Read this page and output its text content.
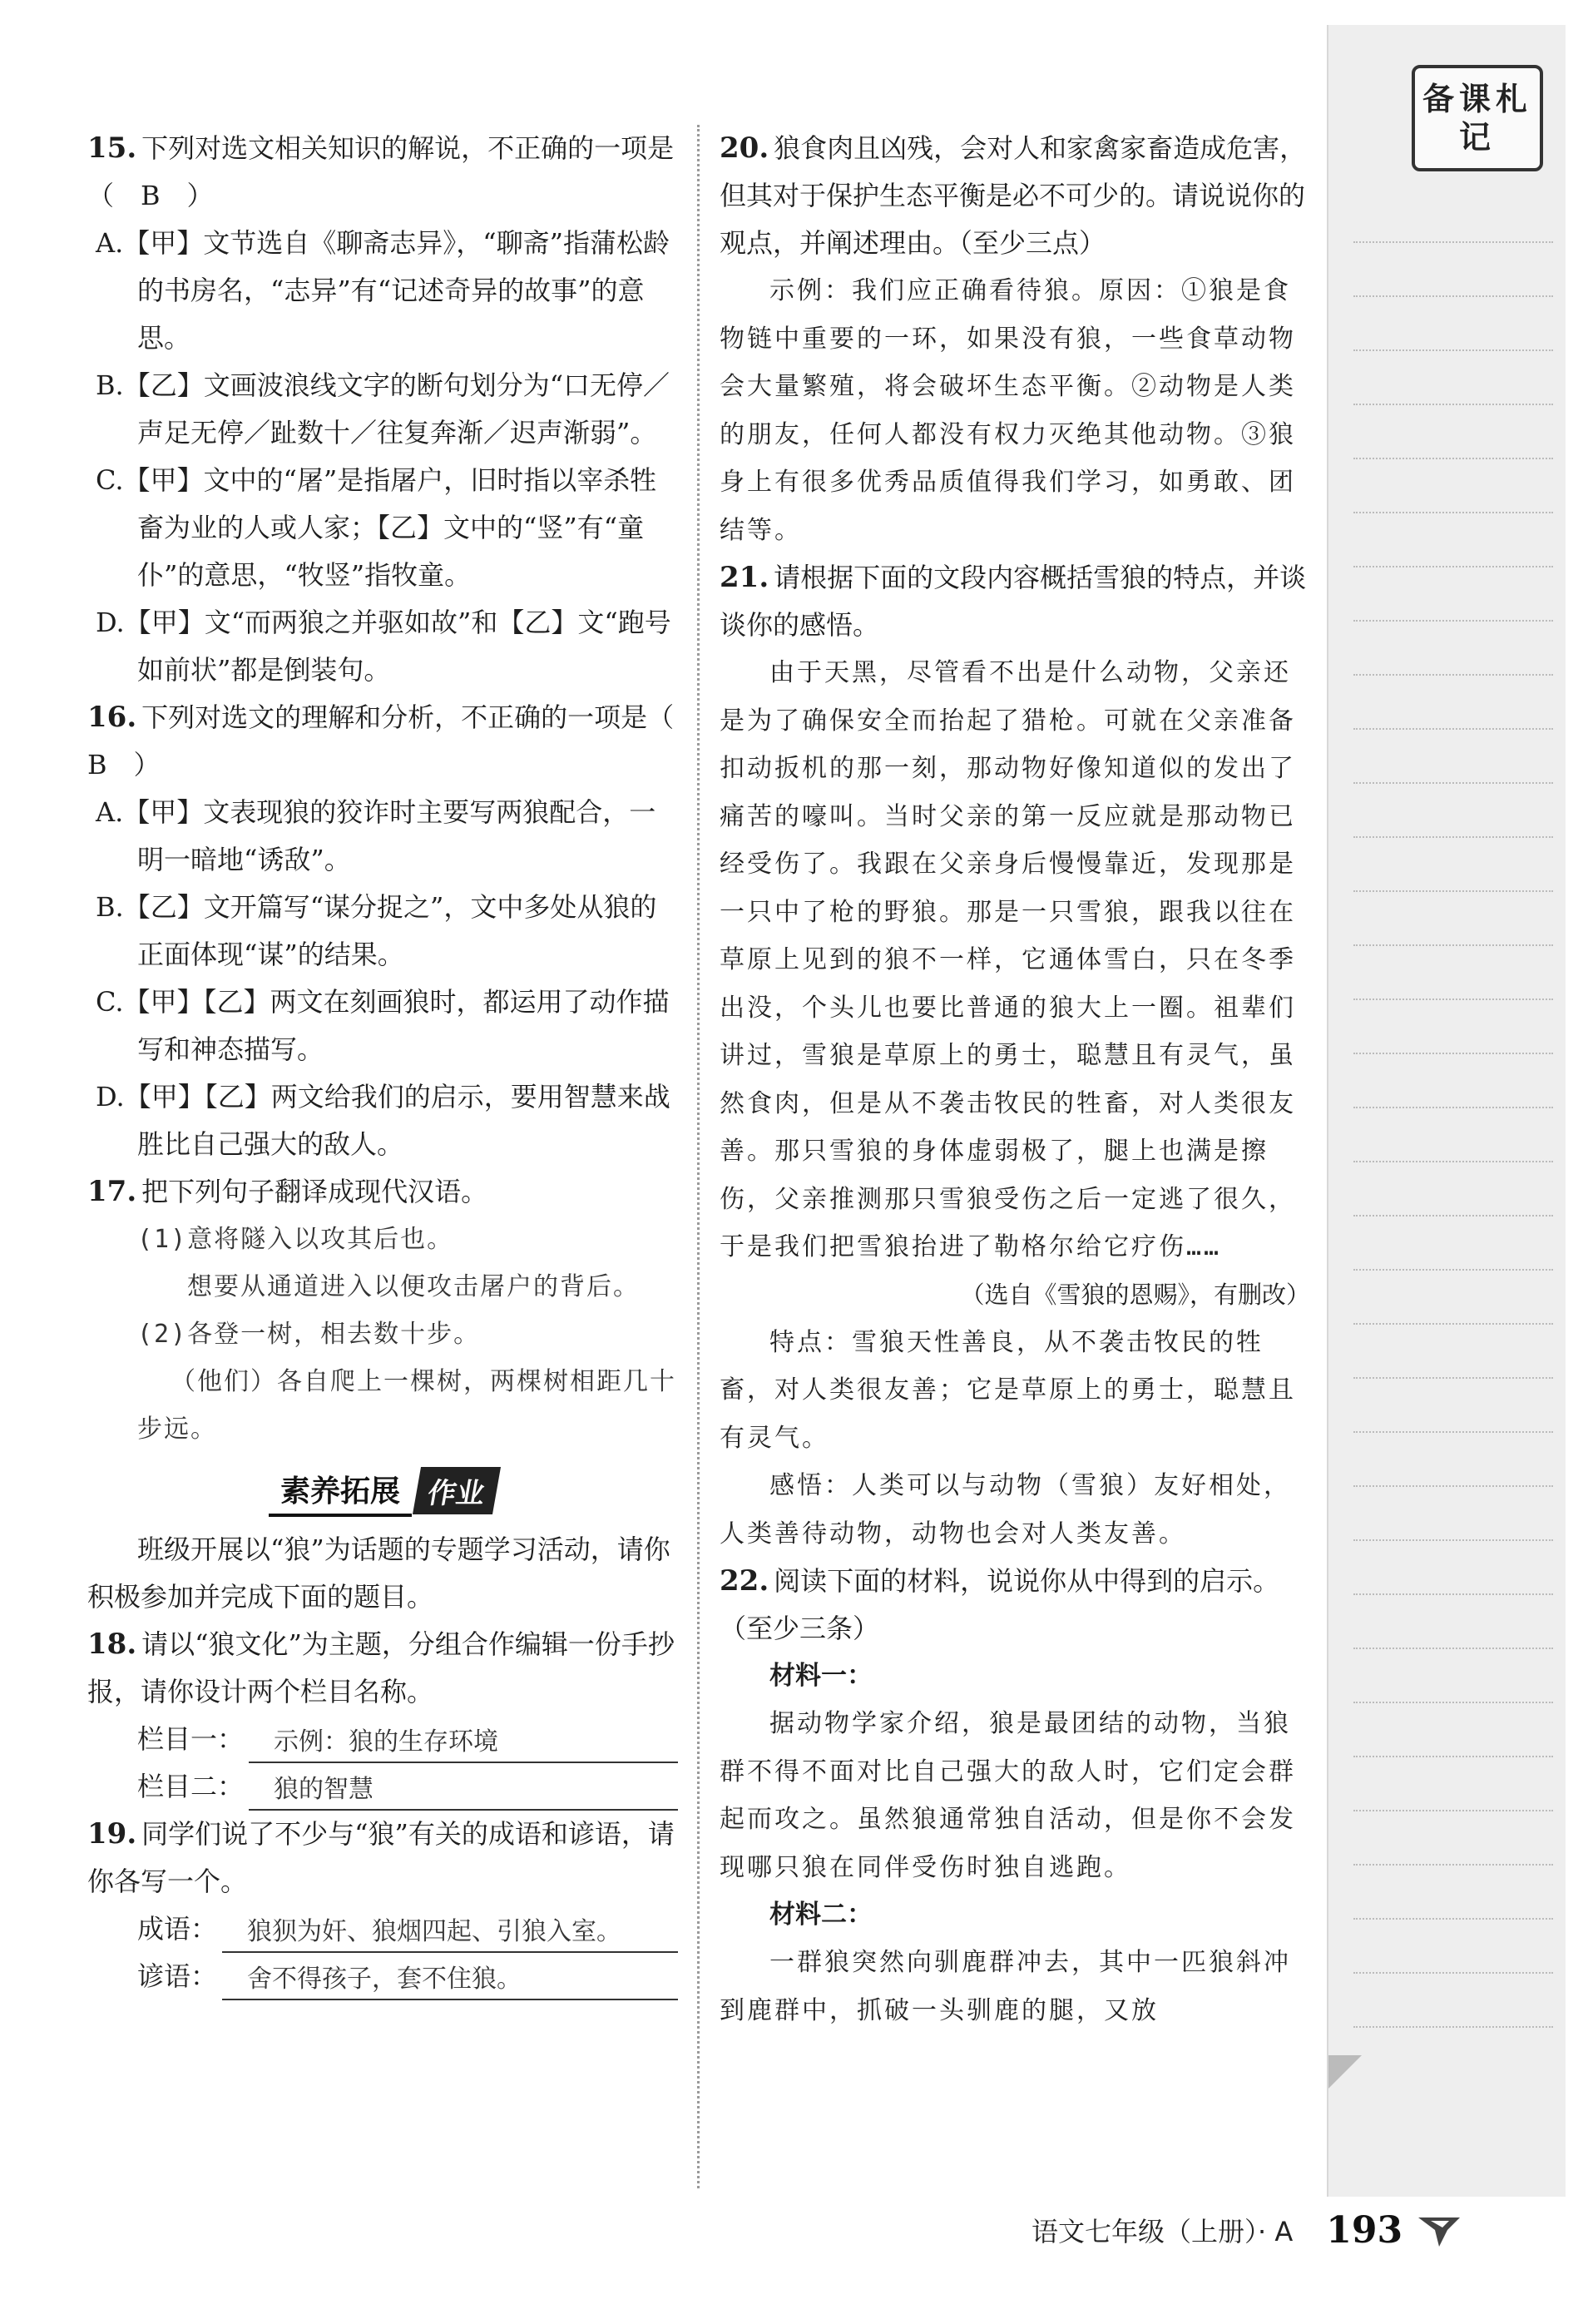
15. 下列对选文相关知识的解说，不正确的一项是（　B　）

A.【甲】文节选自《聊斋志异》，“聊斋”指蒲松龄的书房名，“志异”有“记述奇异的故事”的意思。

B.【乙】文画波浪线文字的断句划分为“口无停／声足无停／趾数十／往复奔渐／迟声渐弱”。

C.【甲】文中的“屠”是指屠户，旧时指以宰杀牲畜为业的人或人家；【乙】文中的“竖”有“童仆”的意思，“牧竖”指牧童。

D.【甲】文“而两狼之并驱如故”和【乙】文“跑号如前状”都是倒装句。

16. 下列对选文的理解和分析，不正确的一项是（　B　）

A.【甲】文表现狼的狡诈时主要写两狼配合，一明一暗地“诱敌”。

B.【乙】文开篇写“谋分捉之”，文中多处从狼的正面体现“谋”的结果。

C.【甲】【乙】两文在刻画狼时，都运用了动作描写和神态描写。

D.【甲】【乙】两文给我们的启示，要用智慧来战胜比自己强大的敌人。

17. 把下列句子翻译成现代汉语。

(1)意将隧入以攻其后也。

想要从通道进入以便攻击屠户的背后。

(2)各登一树，相去数十步。

（他们）各自爬上一棵树，两棵树相距几十步远。

素养拓展 作业

班级开展以“狼”为话题的专题学习活动，请你积极参加并完成下面的题目。

18. 请以“狼文化”为主题，分组合作编辑一份手抄报，请你设计两个栏目名称。

栏目一：	示例：狼的生存环境
栏目二：	狼的智慧

19. 同学们说了不少与“狼”有关的成语和谚语，请你各写一个。

成语：	狼狈为奸、狼烟四起、引狼入室。
谚语：	舍不得孩子，套不住狼。

20. 狼食肉且凶残，会对人和家禽家畜造成危害，但其对于保护生态平衡是必不可少的。请说说你的观点，并阐述理由。（至少三点）

示例：我们应正确看待狼。原因：①狼是食物链中重要的一环，如果没有狼，一些食草动物会大量繁殖，将会破坏生态平衡。②动物是人类的朋友，任何人都没有权力灭绝其他动物。③狼身上有很多优秀品质值得我们学习，如勇敢、团结等。

21. 请根据下面的文段内容概括雪狼的特点，并谈谈你的感悟。

由于天黑，尽管看不出是什么动物，父亲还是为了确保安全而抬起了猎枪。可就在父亲准备扣动扳机的那一刻，那动物好像知道似的发出了痛苦的嚎叫。当时父亲的第一反应就是那动物已经受伤了。我跟在父亲身后慢慢靠近，发现那是一只中了枪的野狼。那是一只雪狼，跟我以往在草原上见到的狼不一样，它通体雪白，只在冬季出没，个头儿也要比普通的狼大上一圈。祖辈们讲过，雪狼是草原上的勇士，聪慧且有灵气，虽然食肉，但是从不袭击牧民的牲畜，对人类很友善。那只雪狼的身体虚弱极了，腿上也满是擦伤，父亲推测那只雪狼受伤之后一定逃了很久，于是我们把雪狼抬进了勒格尔给它疗伤……

（选自《雪狼的恩赐》，有删改）

特点：雪狼天性善良，从不袭击牧民的牲畜，对人类很友善；它是草原上的勇士，聪慧且有灵气。

感悟：人类可以与动物（雪狼）友好相处，人类善待动物，动物也会对人类友善。

22. 阅读下面的材料，说说你从中得到的启示。（至少三条）

材料一：

据动物学家介绍，狼是最团结的动物，当狼群不得不面对比自己强大的敌人时，它们定会群起而攻之。虽然狼通常独自活动，但是你不会发现哪只狼在同伴受伤时独自逃跑。

材料二：

一群狼突然向驯鹿群冲去，其中一匹狼斜冲到鹿群中，抓破一头驯鹿的腿，又放

备课札记
语文七年级（上册）· A 193
